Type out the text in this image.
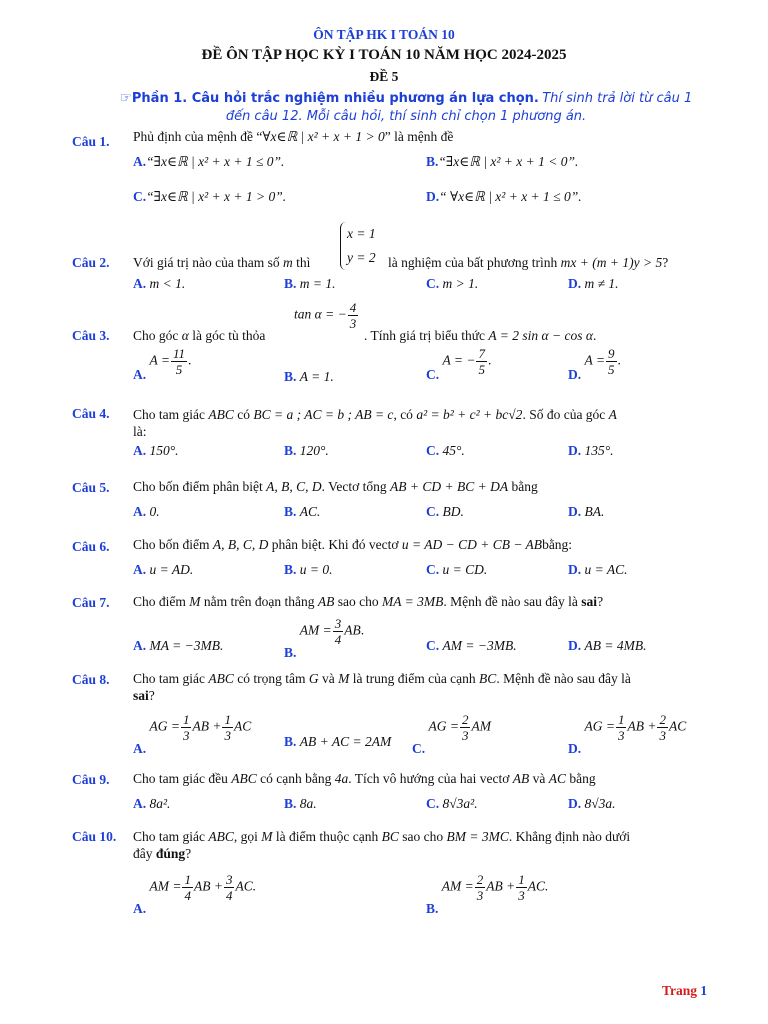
ÔN TẬP HK I TOÁN 10
ĐỀ ÔN TẬP HỌC KỲ I TOÁN 10 NĂM HỌC 2024-2025
ĐỀ 5
☞Phần 1. Câu hỏi trắc nghiệm nhiều phương án lựa chọn. Thí sinh trả lời từ câu 1
đến câu 12. Mỗi câu hỏi, thí sinh chỉ chọn 1 phương án.
Câu 1. Phủ định của mệnh đề “∀x∈ℝ | x² + x + 1 > 0” là mệnh đề
A.“∃x∈ℝ | x² + x + 1 ≤ 0”.	B.“∃x∈ℝ | x² + x + 1 < 0”.
C.“∃x∈ℝ | x² + x + 1 > 0”.	D.“ ∀x∈ℝ | x² + x + 1 ≤ 0”.
x = 1
y = 2
Câu 2. Với giá trị nào của tham số m thì	là nghiệm của bất phương trình mx + (m + 1)y > 5?
A. m < 1.	B. m = 1.	C. m > 1.	D. m ≠ 1.
Câu 3. Cho góc α là góc tù thỏa
tan α = − $\frac{4}{3}$
. Tính giá trị biểu thức A = 2 sin α − cos α.
A. $A = \frac{11}{5}$ .
B. A = 1.	C. A = − $\frac{7}{5}$ .
D. $A = \frac{9}{5}$ .
Câu 4. Cho tam giác ABC có BC = a ; AC = b ; AB = c, có a² = b² + c² + bc√2. Số đo của góc A
là:
A. 150°.	B. 120°.	C. 45°.	D. 135°.
Câu 5. Cho bốn điểm phân biệt A, B, C, D. Vectơ tổng AB + CD + BC + DA bằng
A. 0.	B. AC.	C. BD.	D. BA.
Câu 6. Cho bốn điểm A, B, C, D phân biệt. Khi đó vectơ u = AD − CD + CB − ABbằng:
A. u = AD.	B. u = 0.	C. u = CD.	D. u = AC.
Câu 7. Cho điểm M nằm trên đoạn thẳng AB sao cho MA = 3MB. Mệnh đề nào sau đây là sai?
A. MA = −3MB.	B. AM = $\frac{3}{4}$ AB.
C. AM = −3MB.	D. AB = 4MB.
Câu 8. Cho tam giác ABC có trọng tâm G và M là trung điểm của cạnh BC. Mệnh đề nào sau đây là
sai?
A. AG = $\frac{1}{3}$ AB + $\frac{1}{3}$ AC
B. AB + AC = 2AM C. AG = $\frac{2}{3}$ AM
D. AG = $\frac{1}{3}$ AB + $\frac{2}{3}$ AC
Câu 9. Cho tam giác đều ABC có cạnh bằng 4a. Tích vô hướng của hai vectơ AB và AC bằng
A. 8a².	B. 8a.	C. 8√3a².	D. 8√3a.
Câu 10. Cho tam giác ABC, gọi M là điểm thuộc cạnh BC sao cho BM = 3MC. Khẳng định nào dưới
đây đúng?
A. AM = $\frac{1}{4}$ AB + $\frac{3}{4}$ AC.
B. AM = $\frac{2}{3}$ AB + $\frac{1}{3}$ AC.
Trang 1
